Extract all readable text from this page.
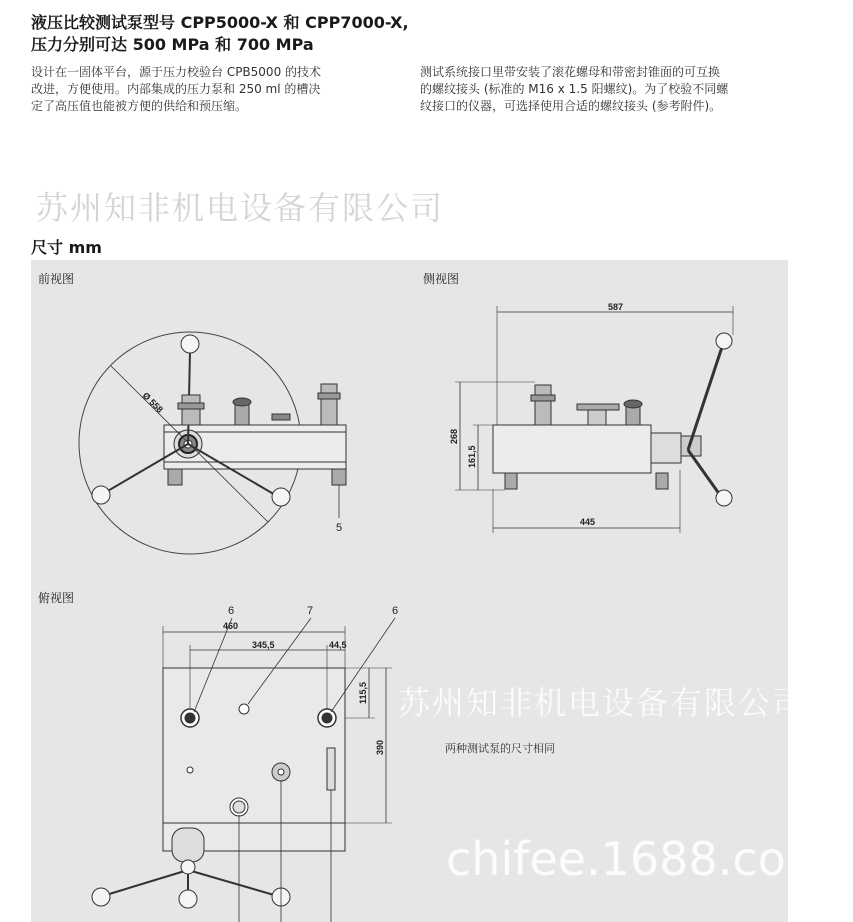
液压比较测试泵型号 CPP5000-X 和 CPP7000-X,
压力分别可达 500 MPa 和 700 MPa
设计在一固体平台，源于压力校验台 CPB5000 的技术
改进，方便使用。内部集成的压力泵和 250 ml 的槽决
定了高压值也能被方便的供给和预压缩。
测试系统接口里带安装了滚花螺母和带密封锥面的可互换
的螺纹接头 (标准的 M16 x 1.5 阳螺纹)。为了校验不同螺
纹接口的仪器，可选择使用合适的螺纹接头 (参考附件)。
苏州知非机电设备有限公司
尺寸 mm
前视图	侧视图
俯视图
Ø 558
5
587
268
161,5
445
460
345,5	44,5
115,5
390
6	7	6
两种测试泵的尺寸相同
苏州知非机电设备有限公司
chifee.1688.com
